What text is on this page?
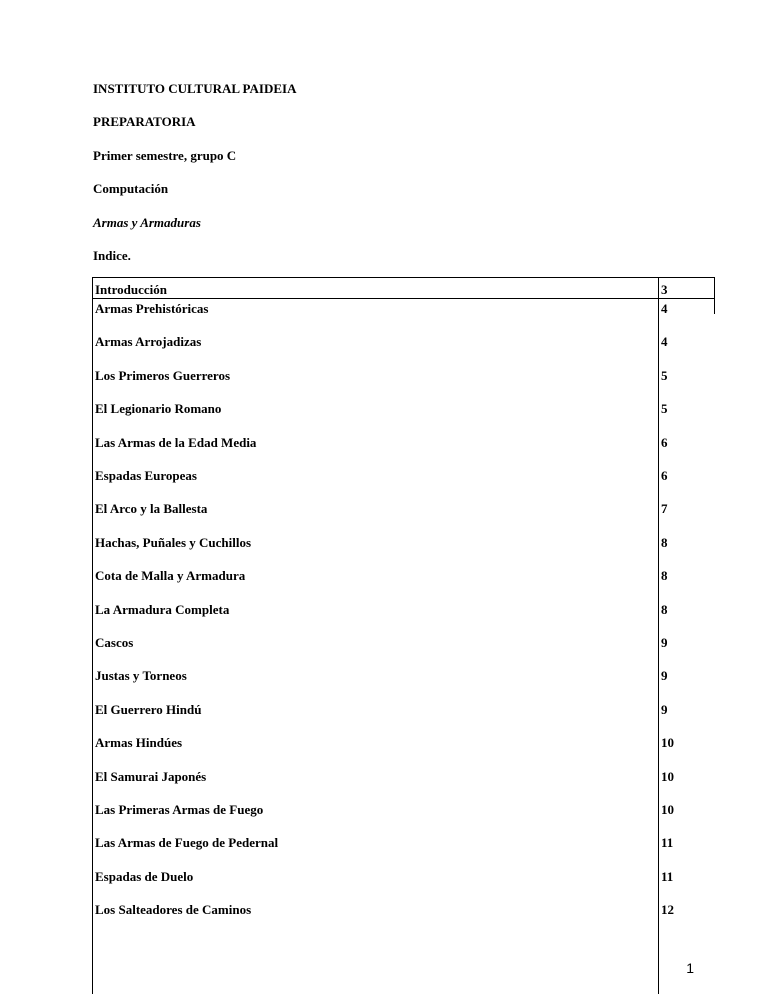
INSTITUTO CULTURAL PAIDEIA
PREPARATORIA
Primer semestre, grupo C
Computación
Armas y Armaduras
Indice.
Introducción	3
Armas Prehistóricas	4
Armas Arrojadizas	4
Los Primeros Guerreros	5
El Legionario Romano	5
Las Armas de la Edad Media	6
Espadas Europeas	6
El Arco y la Ballesta	7
Hachas, Puñales y Cuchillos	8
Cota de Malla y Armadura	8
La Armadura Completa	8
Cascos	9
Justas y Torneos	9
El Guerrero Hindú	9
Armas Hindúes	10
El Samurai Japonés	10
Las Primeras Armas de Fuego	10
Las Armas de Fuego de Pedernal	11
Espadas de Duelo	11
Los Salteadores de Caminos	12
1
